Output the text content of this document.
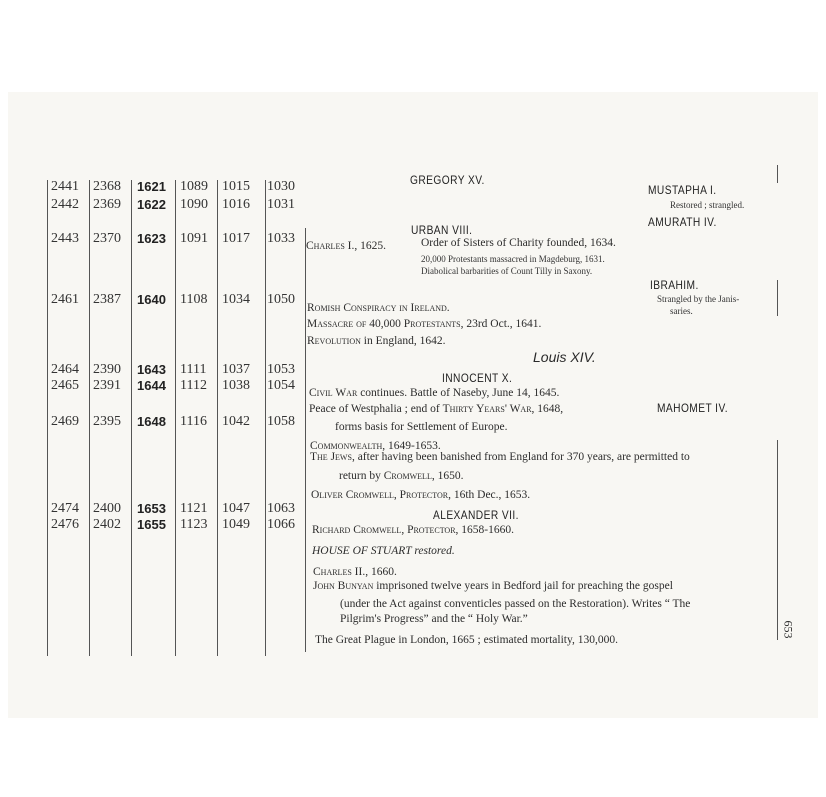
2441 2368 1621 1089 1015 1030
2442 2369 1622 1090 1016 1031
2443 2370 1623 1091 1017 1033
2461 2387 1640 1108 1034 1050
2464 2390 1643 1111 1037 1053
2465 2391 1644 1112 1038 1054
2469 2395 1648 1116 1042 1058
2474 2400 1653 1121 1047 1063
2476 2402 1655 1123 1049 1066
GREGORY XV.
URBAN VIII.
INNOCENT X.
ALEXANDER VII.
MUSTAPHA I.
Restored ; strangled.
AMURATH IV.
IBRAHIM.
Strangled by the Janis-
saries.
MAHOMET IV.
Louis XIV.
Charles I., 1625.	Order of Sisters of Charity founded, 1634.
20,000 Protestants massacred in Magdeburg, 1631.
Diabolical barbarities of Count Tilly in Saxony.
Romish Conspiracy in Ireland.
Massacre of 40,000 Protestants, 23rd Oct., 1641.
Revolution in England, 1642.
Civil War continues. Battle of Naseby, June 14, 1645.
Peace of Westphalia ; end of Thirty Years' War, 1648,
forms basis for Settlement of Europe.
Commonwealth, 1649-1653.
The Jews, after having been banished from England for 370 years, are permitted to
return by Cromwell, 1650.
Oliver Cromwell, Protector, 16th Dec., 1653.
Richard Cromwell, Protector, 1658-1660.
HOUSE OF STUART restored.
Charles II., 1660.
John Bunyan imprisoned twelve years in Bedford jail for preaching the gospel
(under the Act against conventicles passed on the Restoration). Writes “ The
Pilgrim's Progress” and the “ Holy War.”
The Great Plague in London, 1665 ; estimated mortality, 130,000.
653
